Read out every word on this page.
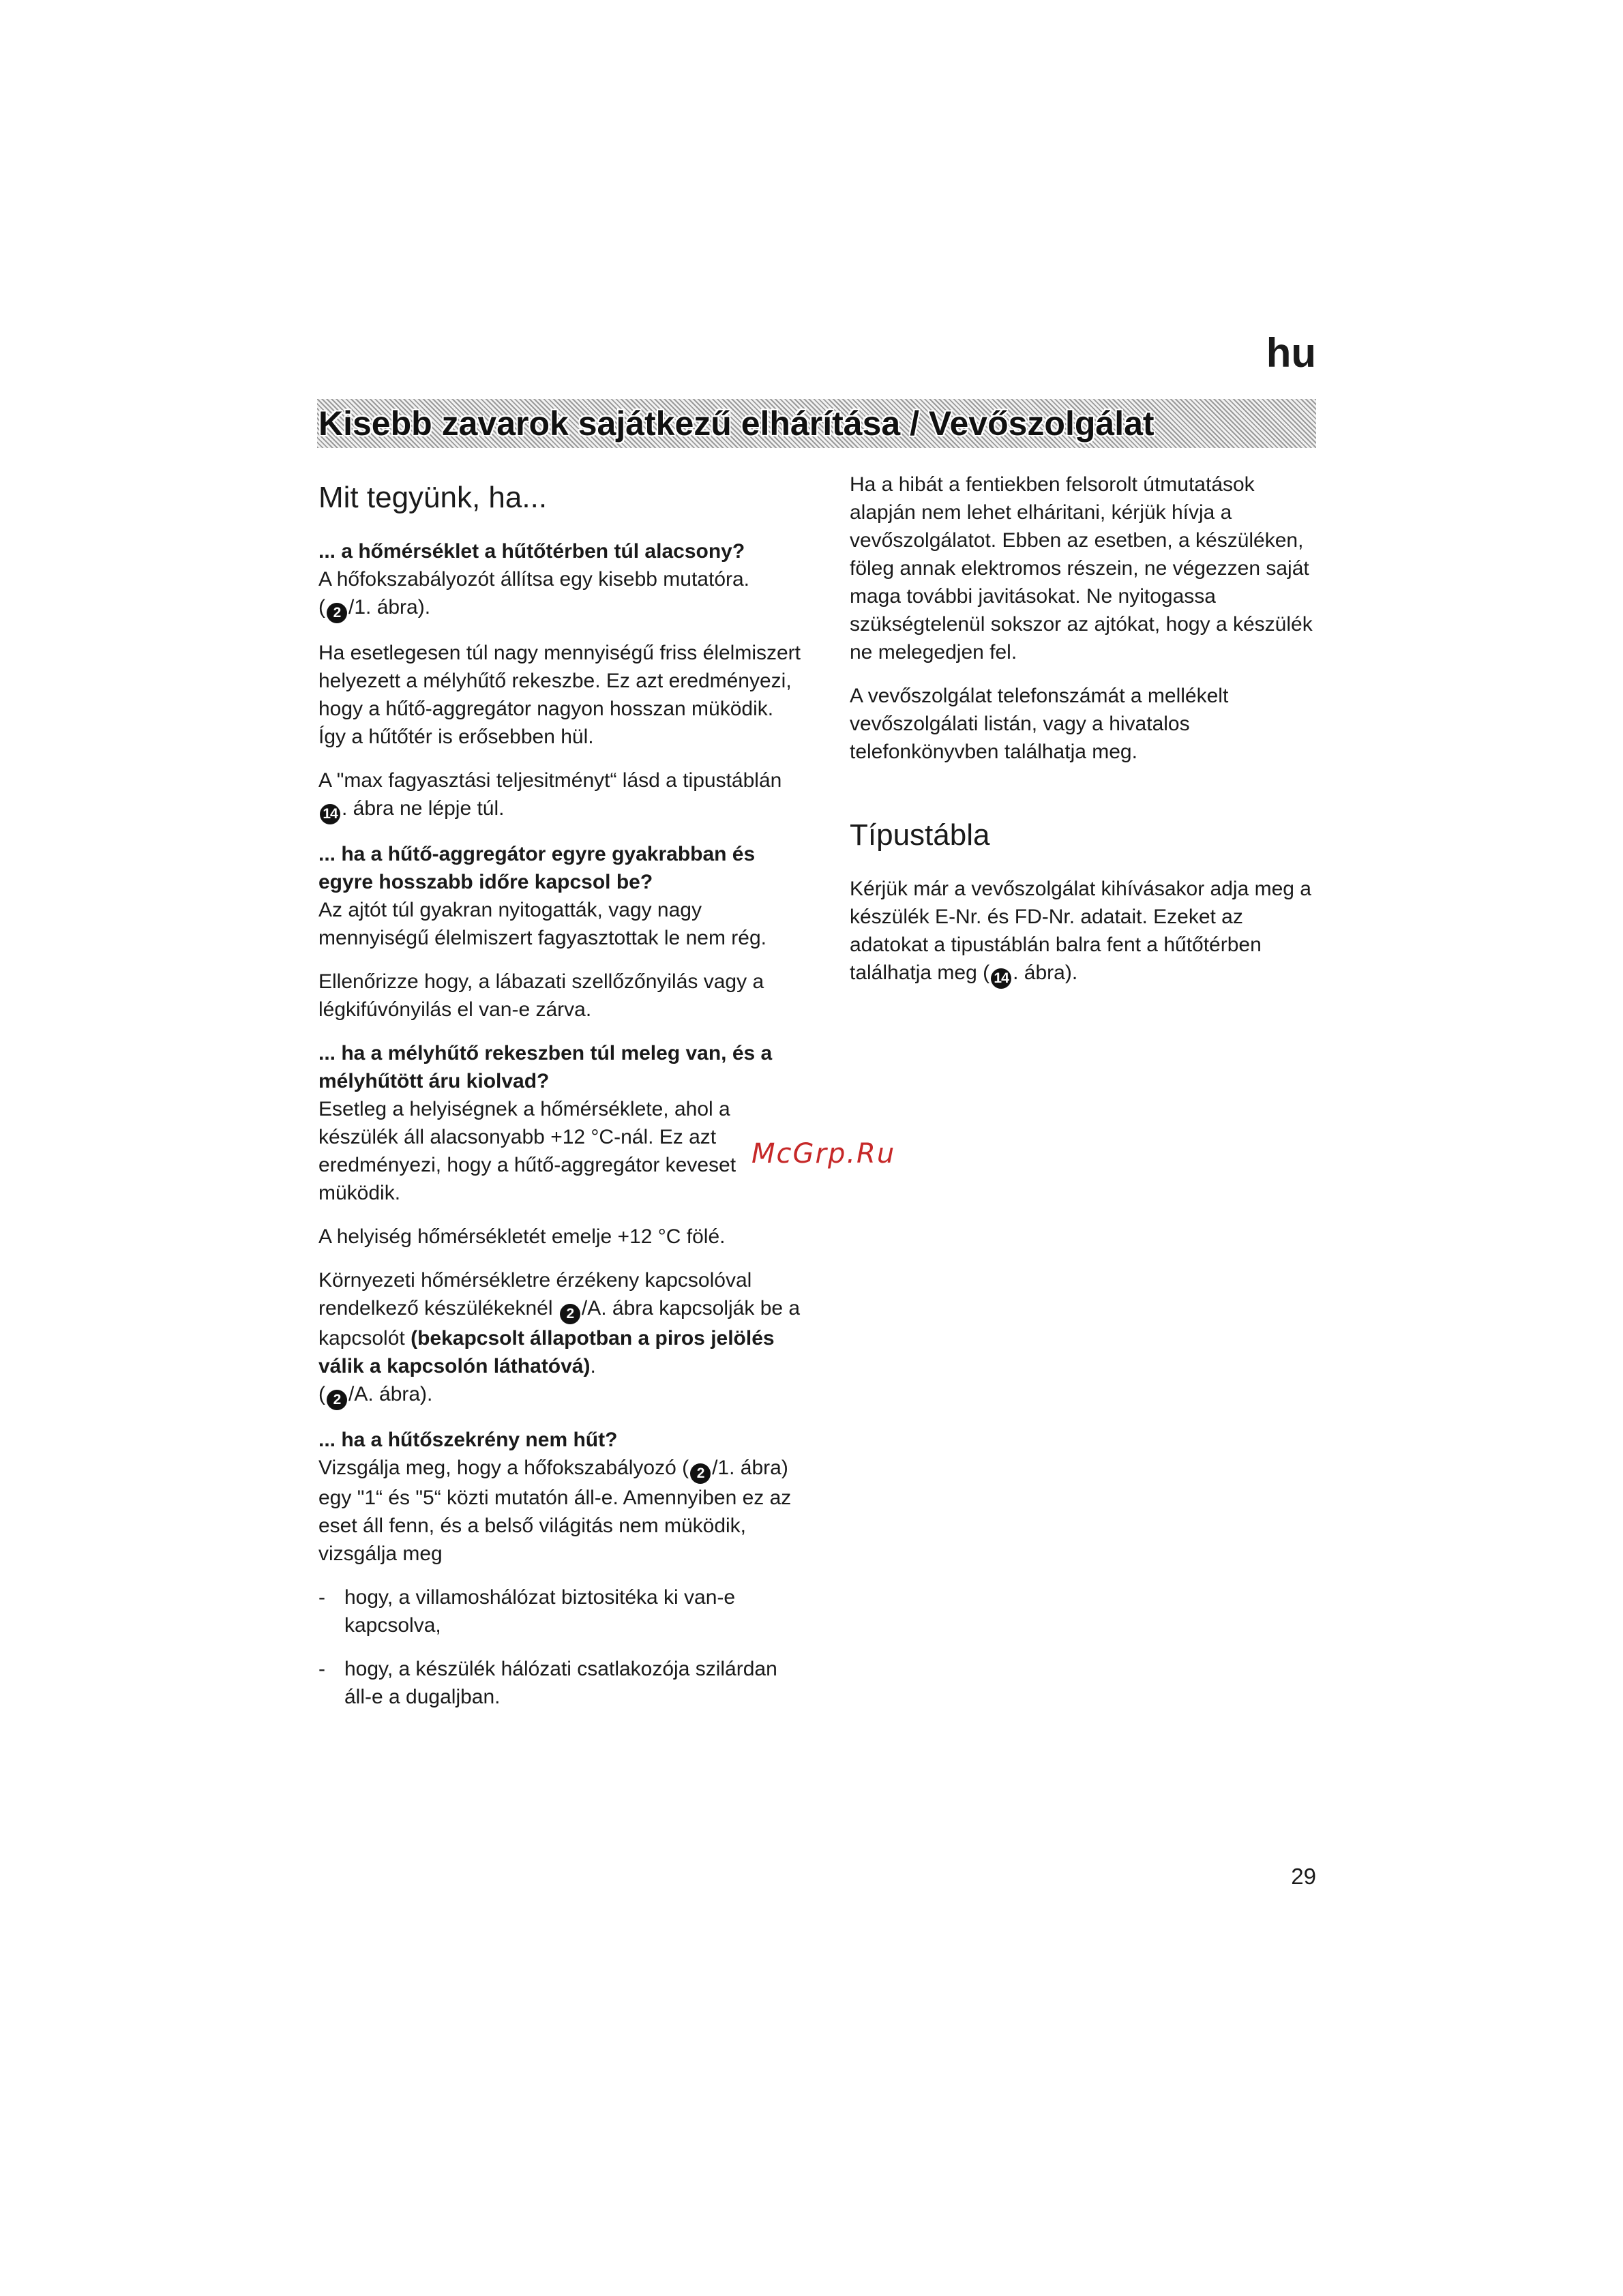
hu
Kisebb zavarok sajátkezű elhárítása / Vevőszolgálat
Mit tegyünk, ha...
... a hőmérséklet a hűtőtérben túl alacsony?

A hőfokszabályozót állítsa egy kisebb mutatóra.
( 2 /1. ábra).

Ha esetlegesen túl nagy mennyiségű friss élelmiszert helyezett a mélyhűtő rekeszbe. Ez azt eredményezi, hogy a hűtő-aggregátor nagyon hosszan müködik. Így a hűtőtér is erősebben hül.

A "max fagyasztási teljesitményt“ lásd a tipustáblán 14 . ábra ne lépje túl.

... ha a hűtő-aggregátor egyre gyakrabban és egyre hosszabb időre kapcsol be?

Az ajtót túl gyakran nyitogatták, vagy nagy mennyiségű élelmiszert fagyasztottak le nem rég.

Ellenőrizze hogy, a lábazati szellőzőnyilás vagy a légkifúvónyilás el van-e zárva.

... ha a mélyhűtő rekeszben túl meleg van, és a mélyhűtött áru kiolvad?

Esetleg a helyiségnek a hőmérséklete, ahol a készülék áll alacsonyabb +12 °C-nál. Ez azt eredményezi, hogy a hűtő-aggregátor keveset müködik.

A helyiség hőmérsékletét emelje +12 °C fölé.

Környezeti hőmérsékletre érzékeny kapcsolóval rendelkező készülékeknél 2 /A. ábra kapcsolják be a kapcsolót (bekapcsolt állapotban a piros jelölés válik a kapcsolón láthatóvá).

( 2 /A. ábra).

... ha a hűtőszekrény nem hűt?

Vizsgálja meg, hogy a hőfokszabályozó ( 2 /1. ábra) egy "1“ és "5“ közti mutatón áll-e. Amennyiben ez az eset áll fenn, és a belső világitás nem müködik, vizsgálja meg

- hogy, a villamoshálózat biztositéka ki van-e kapcsolva,
- hogy, a készülék hálózati csatlakozója szilárdan áll-e a dugaljban.

Ha a hibát a fentiekben felsorolt útmutatások alapján nem lehet elháritani, kérjük hívja a vevőszolgálatot. Ebben az esetben, a készüléken, föleg annak elektromos részein, ne végezzen saját maga további javitásokat. Ne nyitogassa szükségtelenül sokszor az ajtókat, hogy a készülék ne melegedjen fel.

A vevőszolgálat telefonszámát a mellékelt vevőszolgálati listán, vagy a hivatalos telefonkönyvben találhatja meg.

Típustábla

Kérjük már a vevőszolgálat kihívásakor adja meg a készülék E-Nr. és FD-Nr. adatait. Ezeket az adatokat a tipustáblán balra fent a hűtőtérben találhatja meg ( 14 . ábra).

McGrp.Ru
29
